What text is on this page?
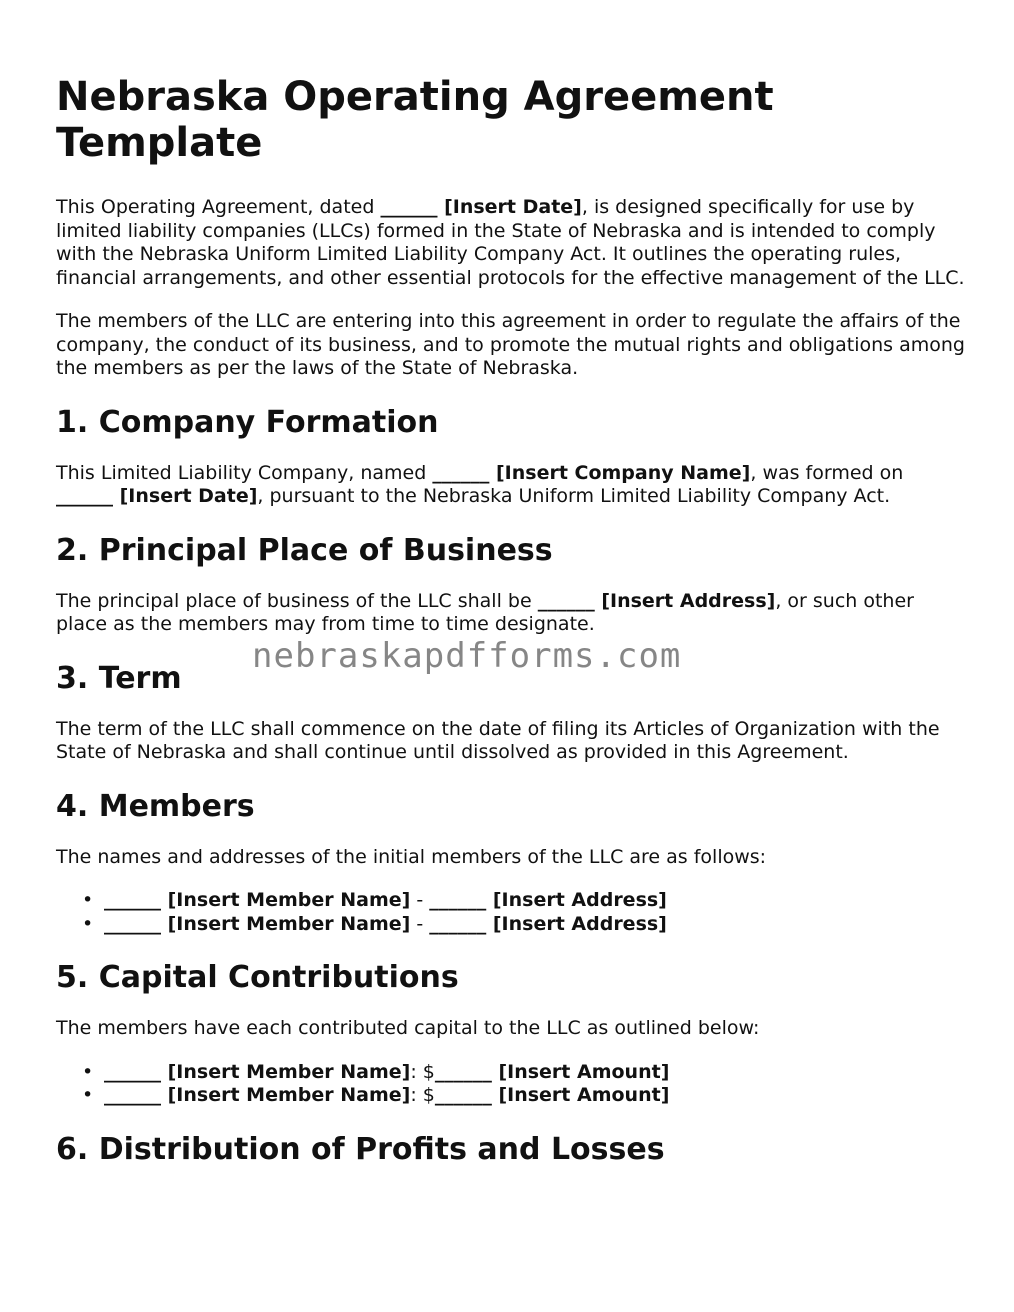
Nebraska Operating Agreement Template

This Operating Agreement, dated ______ [Insert Date], is designed specifically for use by limited liability companies (LLCs) formed in the State of Nebraska and is intended to comply with the Nebraska Uniform Limited Liability Company Act. It outlines the operating rules, financial arrangements, and other essential protocols for the effective management of the LLC.

The members of the LLC are entering into this agreement in order to regulate the affairs of the company, the conduct of its business, and to promote the mutual rights and obligations among the members as per the laws of the State of Nebraska.

1. Company Formation

This Limited Liability Company, named ______ [Insert Company Name], was formed on ______ [Insert Date], pursuant to the Nebraska Uniform Limited Liability Company Act.

2. Principal Place of Business

The principal place of business of the LLC shall be ______ [Insert Address], or such other place as the members may from time to time designate.

3. Term

The term of the LLC shall commence on the date of filing its Articles of Organization with the State of Nebraska and shall continue until dissolved as provided in this Agreement.

4. Members

The names and addresses of the initial members of the LLC are as follows:

• ______ [Insert Member Name] - ______ [Insert Address]
• ______ [Insert Member Name] - ______ [Insert Address]
5. Capital Contributions

The members have each contributed capital to the LLC as outlined below:

• ______ [Insert Member Name]: $______ [Insert Amount]
• ______ [Insert Member Name]: $______ [Insert Amount]
6. Distribution of Profits and Losses
nebraskapdfforms.com
